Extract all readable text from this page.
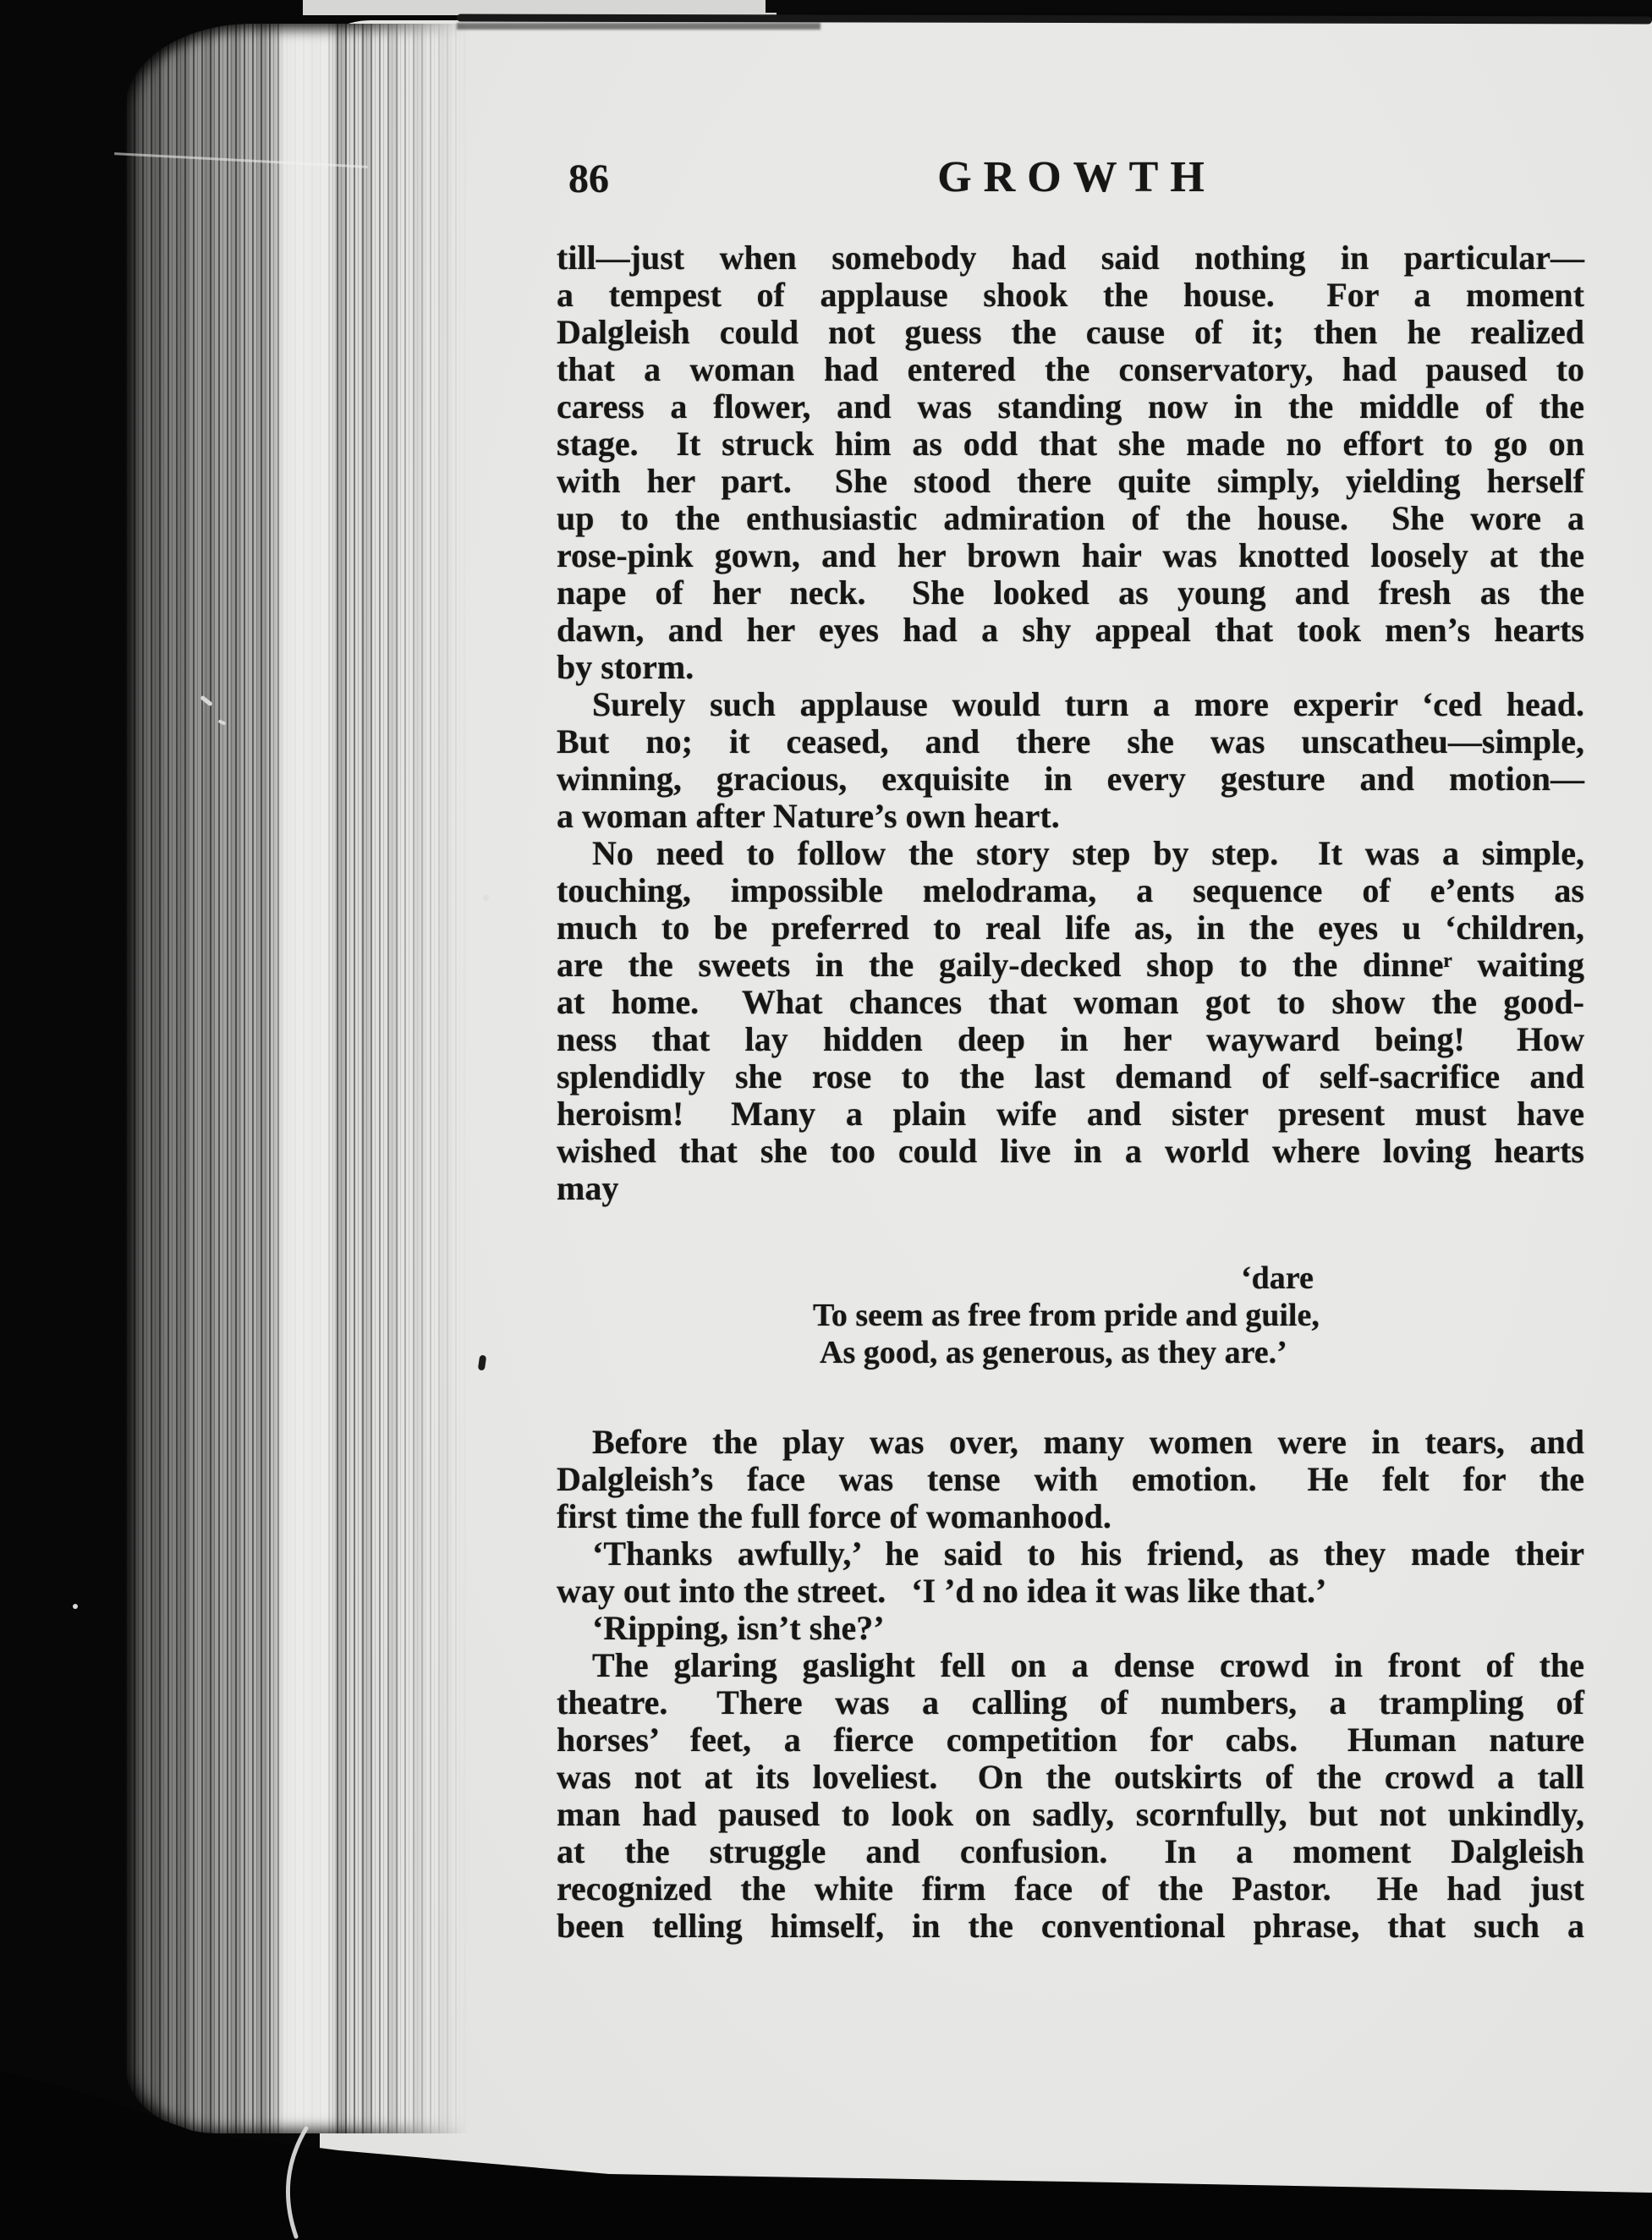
86	GROWTH
till—just when somebody had said nothing in particular—
a tempest of applause shook the house.  For a moment
Dalgleish could not guess the cause of it; then he realized
that a woman had entered the conservatory, had paused to
caress a flower, and was standing now in the middle of the
stage.  It struck him as odd that she made no effort to go on
with her part.  She stood there quite simply, yielding herself
up to the enthusiastic admiration of the house.  She wore a
rose-pink gown, and her brown hair was knotted loosely at the
nape of her neck.  She looked as young and fresh as the
dawn, and her eyes had a shy appeal that took men’s hearts
by storm.
Surely such applause would turn a more experir ‘ced head.
But no; it ceased, and there she was unscatheu—simple,
winning, gracious, exquisite in every gesture and motion—
a woman after Nature’s own heart.
No need to follow the story step by step.  It was a simple,
touching, impossible melodrama, a sequence of e’ents as
much to be preferred to real life as, in the eyes u ‘children,
are the sweets in the gaily-decked shop to the dinneʳ waiting
at home.  What chances that woman got to show the good-
ness that lay hidden deep in her wayward being!  How
splendidly she rose to the last demand of self-sacrifice and
heroism!  Many a plain wife and sister present must have
wished that she too could live in a world where loving hearts
may
‘dare
To seem as free from pride and guile,
As good, as generous, as they are.’
Before the play was over, many women were in tears, and
Dalgleish’s face was tense with emotion.  He felt for the
first time the full force of womanhood.
‘Thanks awfully,’ he said to his friend, as they made their
way out into the street.  ‘I ’d no idea it was like that.’
‘Ripping, isn’t she?’
The glaring gaslight fell on a dense crowd in front of the
theatre.  There was a calling of numbers, a trampling of
horses’ feet, a fierce competition for cabs.  Human nature
was not at its loveliest.  On the outskirts of the crowd a tall
man had paused to look on sadly, scornfully, but not unkindly,
at the struggle and confusion.  In a moment Dalgleish
recognized the white firm face of the Pastor.  He had just
been telling himself, in the conventional phrase, that such a
